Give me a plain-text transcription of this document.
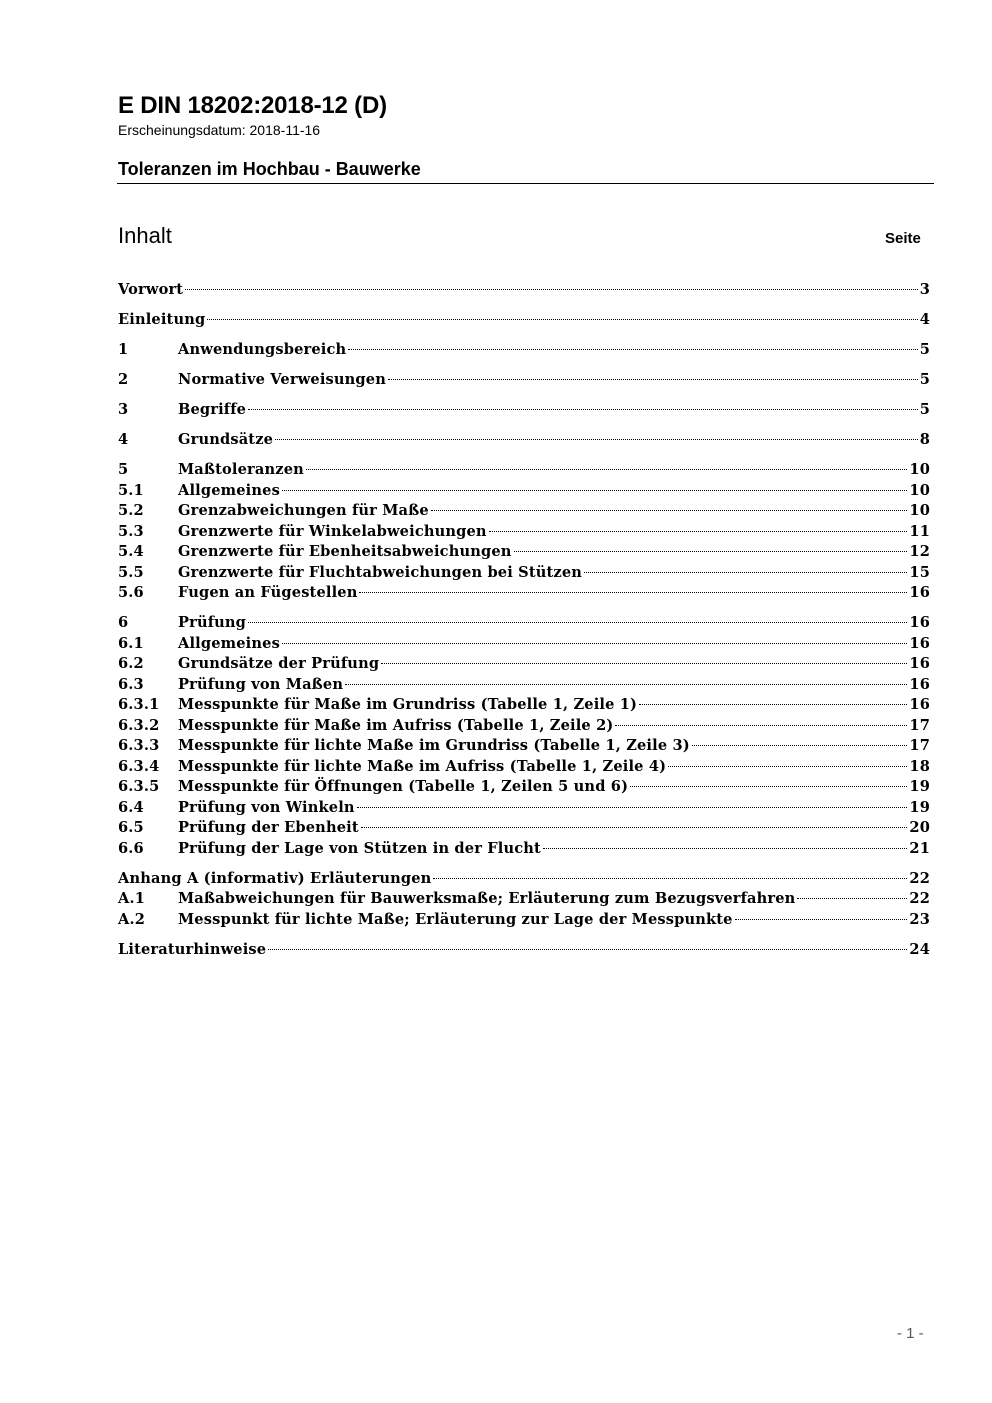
E DIN 18202:2018-12 (D)
Erscheinungsdatum: 2018-11-16
Toleranzen im Hochbau - Bauwerke
Inhalt	Seite
Vorwort	3
Einleitung	4
1	Anwendungsbereich	5
2	Normative Verweisungen	5
3	Begriffe	5
4	Grundsätze	8
5	Maßtoleranzen	10
5.1	Allgemeines	10
5.2	Grenzabweichungen für Maße	10
5.3	Grenzwerte für Winkelabweichungen	11
5.4	Grenzwerte für Ebenheitsabweichungen	12
5.5	Grenzwerte für Fluchtabweichungen bei Stützen	15
5.6	Fugen an Fügestellen	16
6	Prüfung	16
6.1	Allgemeines	16
6.2	Grundsätze der Prüfung	16
6.3	Prüfung von Maßen	16
6.3.1	Messpunkte für Maße im Grundriss (Tabelle 1, Zeile 1)	16
6.3.2	Messpunkte für Maße im Aufriss (Tabelle 1, Zeile 2)	17
6.3.3	Messpunkte für lichte Maße im Grundriss (Tabelle 1, Zeile 3)	17
6.3.4	Messpunkte für lichte Maße im Aufriss (Tabelle 1, Zeile 4)	18
6.3.5	Messpunkte für Öffnungen (Tabelle 1, Zeilen 5 und 6)	19
6.4	Prüfung von Winkeln	19
6.5	Prüfung der Ebenheit	20
6.6	Prüfung der Lage von Stützen in der Flucht	21
Anhang A (informativ) Erläuterungen	22
A.1	Maßabweichungen für Bauwerksmaße; Erläuterung zum Bezugsverfahren	22
A.2	Messpunkt für lichte Maße; Erläuterung zur Lage der Messpunkte	23
Literaturhinweise	24
- 1 -
